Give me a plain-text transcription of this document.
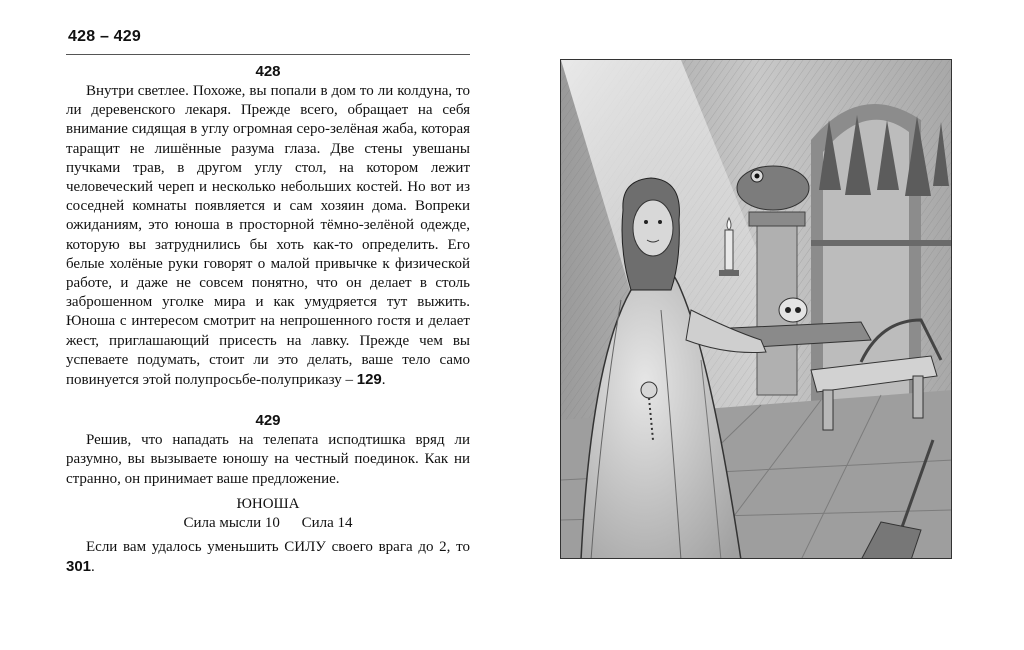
428 – 429
428

Внутри светлее. Похоже, вы попали в дом то ли колдуна, то ли деревенского лекаря. Прежде всего, обращает на себя внимание сидящая в углу огромная серо-зелёная жаба, которая таращит не лишённые разума глаза. Две стены увешаны пучками трав, в другом углу стол, на котором лежит человеческий череп и несколько небольших костей. Но вот из соседней комнаты появляется и сам хозяин дома. Вопреки ожиданиям, это юноша в просторной тёмно-зелёной одежде, которую вы затруднились бы хоть как-то определить. Его белые холёные руки говорят о малой привычке к физической работе, и даже не совсем понятно, что он делает в столь заброшенном уголке мира и как умудряется тут выжить. Юноша с интересом смотрит на непрошенного гостя и делает жест, приглашающий присесть на лавку. Прежде чем вы успеваете подумать, стоит ли это делать, ваше тело само повинуется этой полупросьбе-полуприказу – 129.

429

Решив, что нападать на телепата исподтишка вряд ли разумно, вы вызываете юношу на честный поединок. Как ни странно, он принимает ваше предложение.

ЮНОША
Сила мысли 10 Сила 14

Если вам удалось уменьшить СИЛУ своего врага до 2, то 301.
